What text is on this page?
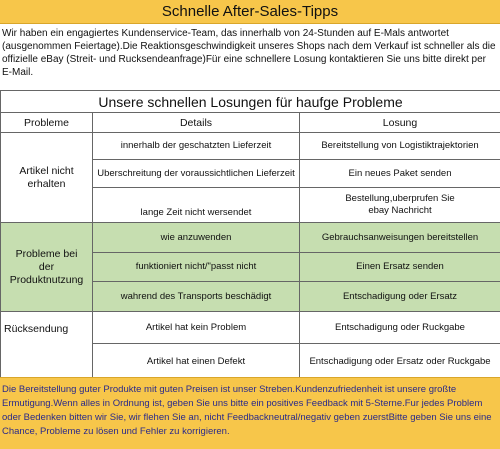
Schnelle After-Sales-Tipps
Wir haben ein engagiertes Kundenservice-Team, das innerhalb von 24-Stunden auf E-Mals antwortet (ausgenommen Feiertage).Die Reaktionsgeschwindigkeit unseres Shops nach dem Verkauf ist schneller als die offizielle eBay (Streit- und Rucksendeanfrage)Für eine schnellere Losung kontaktieren Sie uns bitte direkt per E-Mail.
Unsere schnellen Losungen für haufge Probleme		
Probleme	Details	Losung
Artikel nicht erhalten	innerhalb der geschatzten Lieferzeit	Bereitstellung von Logistiktrajektorien
	Uberschreitung der voraussichtlichen Lieferzeit	Ein neues Paket senden
	lange Zeit nicht wersendet	Bestellung,uberprufen Sie ebay Nachricht
Probleme bei der Produktnutzung	wie anzuwenden	Gebrauchsanweisungen bereitstellen
	funktioniert nicht/"passt nicht	Einen Ersatz senden
	wahrend des Transports beschädigt	Entschadigung oder Ersatz
Rücksendung	Artikel hat kein Problem	Entschadigung oder Ruckgabe
	Artikel hat einen Defekt	Entschadigung oder Ersatz oder Ruckgabe
Die Bereitstellung guter Produkte mit guten Preisen ist unser Streben.Kundenzufriedenheit ist unsere großte Ermutigung.Wenn alles in Ordnung ist, geben Sie uns bitte ein positives Feedback mit 5-Sterne.Fur jedes Problem oder Bedenken bitten wir Sie, wir flehen Sie an, nicht Feedbackneutral/negativ geben zuerstBitte geben Sie uns eine Chance, Probleme zu lösen und Fehler zu korrigieren.
